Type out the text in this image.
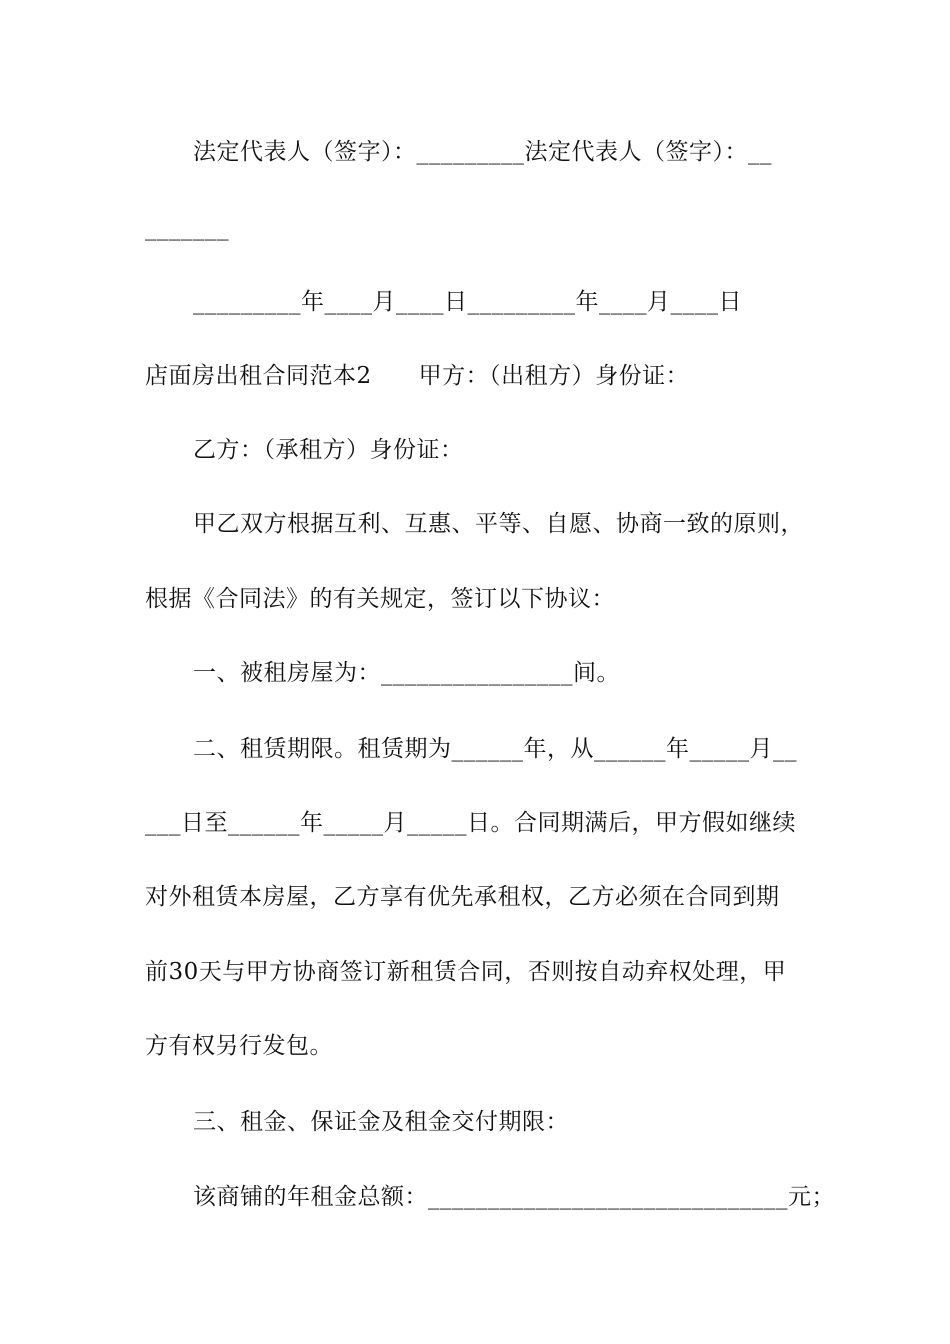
法定代表人（签字）：_________法定代表人（签字）：__
_______
_________年____月____日_________年____月____日
店面房出租合同范本2　　甲方：（出租方）身份证：
乙方：（承租方）身份证：
甲乙双方根据互利、互惠、平等、自愿、协商一致的原则，
根据《合同法》的有关规定，签订以下协议：
一、被租房屋为：________________间。
二、租赁期限。租赁期为______年，从______年_____月__
___日至______年_____月_____日。合同期满后，甲方假如继续
对外租赁本房屋，乙方享有优先承租权，乙方必须在合同到期
前30天与甲方协商签订新租赁合同，否则按自动弃权处理，甲
方有权另行发包。
三、租金、保证金及租金交付期限：
该商铺的年租金总额：______________________________元；
